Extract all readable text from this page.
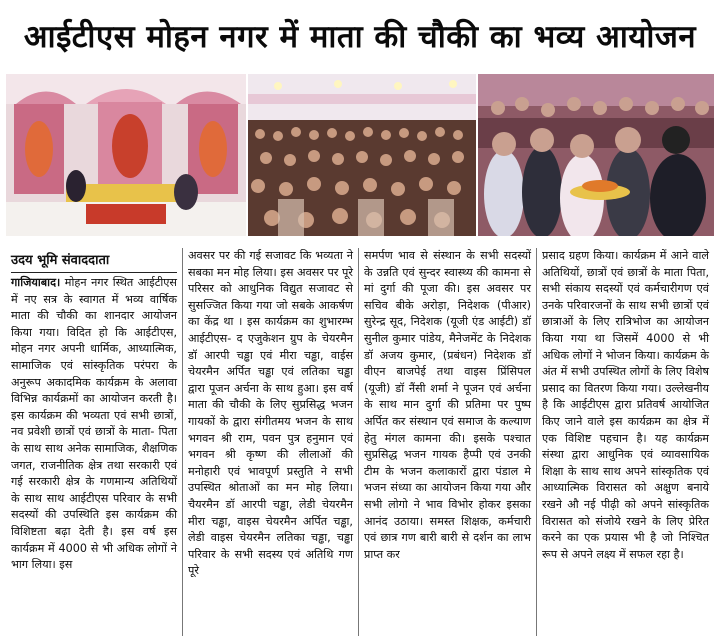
आईटीएस मोहन नगर में माता की चौकी का भव्य आयोजन
उदय भूमि संवाददाता

गाजियाबाद। मोहन नगर स्थित आईटीएस में नए सत्र के स्वागत में भव्य वार्षिक माता की चौकी का शानदार आयोजन किया गया। विदित हो कि आईटीएस, मोहन नगर अपनी धार्मिक, आध्यात्मिक, सामाजिक एवं सांस्कृतिक परंपरा के अनुरूप अकादमिक कार्यक्रम के अलावा विभिन्न कार्यक्रमों का आयोजन करती है। इस कार्यक्रम की भव्यता एवं सभी छात्रों, नव प्रवेशी छात्रों एवं छात्रों के माता- पिता के साथ साथ अनेक सामाजिक, शैक्षणिक जगत, राजनीतिक क्षेत्र तथा सरकारी एवं गई सरकारी क्षेत्र के गणमान्य अतिथियों के साथ साथ आईटीएस परिवार के सभी सदस्यों की उपस्थिति इस कार्यक्रम की विशिष्टता बढ़ा देती है। इस वर्ष इस कार्यक्रम में 4000 से भी अधिक लोगों ने भाग लिया। इस

अवसर पर की गई सजावट कि भव्यता ने सबका मन मोह लिया। इस अवसर पर पूरे परिसर को आधुनिक विद्युत सजावट से सुसज्जित किया गया जो सबके आकर्षण का केंद्र था । इस कार्यक्रम का शुभारम्भ आईटीएस- द एजुकेशन ग्रुप के चेयरमैन डॉ आरपी चड्ढा एवं मीरा चड्ढा, वाईस चेयरमैन अर्पित चड्ढा एवं लतिका चड्ढा द्वारा पूजन अर्चना के साथ हुआ। इस वर्ष माता की चौकी के लिए सुप्रसिद्ध भजन गायकों के द्वारा संगीतमय भजन के साथ भगवन श्री राम, पवन पुत्र हनुमान एवं भगवन श्री कृष्ण की लीलाओं की मनोहारी एवं भावपूर्ण प्रस्तुति ने सभी उपस्थित श्रोताओं का मन मोह लिया। चैयरमैन डॉ आरपी चड्ढा, लेडी चेयरमैन मीरा चड्ढा, वाइस चेयरमैन अर्पित चड्ढा, लेडी वाइस चेयरमैन लतिका चड्ढा, चड्ढा परिवार के सभी सदस्य एवं अतिथि गण पूरे

समर्पण भाव से संस्थान के सभी सदस्यों के उन्नति एवं सुन्दर स्वास्थ्य की कामना से मां दुर्गा की पूजा की। इस अवसर पर सचिव बीके अरोड़ा, निदेशक (पीआर) सुरेन्द्र सूद, निदेशक (यूजी एंड आईटी) डॉ सुनील कुमार पांडेय, मैनेजमेंट के निदेशक डॉ अजय कुमार, (प्रबंधन) निदेशक डॉ वीएन बाजपेई तथा वाइस प्रिंसिपल (यूजी) डॉ नैंसी शर्मा ने पूजन एवं अर्चना के साथ मान दुर्गा की प्रतिमा पर पुष्प अर्पित कर संस्थान एवं समाज के कल्याण हेतु मंगल कामना की। इसके पश्चात सुप्रसिद्ध भजन गायक हैप्पी एवं उनकी टीम के भजन कलाकारों द्वारा पंडाल मे भजन संध्या का आयोजन किया गया और सभी लोगो ने भाव विभोर होकर इसका आनंद उठाया। समस्त शिक्षक, कर्मचारी एवं छात्र गण बारी बारी से दर्शन का लाभ प्राप्त कर

प्रसाद ग्रहण किया। कार्यक्रम में आने वाले अतिथियों, छात्रों एवं छात्रों के माता पिता, सभी संकाय सदस्यों एवं कर्मचारीगण एवं उनके परिवारजनों के साथ सभी छात्रों एवं छात्राओं के लिए रात्रिभोज का आयोजन किया गया था जिसमें 4000 से भी अधिक लोगों ने भोजन किया। कार्यक्रम के अंत में सभी उपस्थित लोगों के लिए विशेष प्रसाद का वितरण किया गया। उल्लेखनीय है कि आईटीएस द्वारा प्रतिवर्ष आयोजित किए जाने वाले इस कार्यक्रम का क्षेत्र में एक विशिष्ट पहचान है। यह कार्यक्रम संस्था द्वारा आधुनिक एवं व्यावसायिक शिक्षा के साथ साथ अपने सांस्कृतिक एवं आध्यात्मिक विरासत को अक्षुण बनाये रखने औ नई पीढ़ी को अपने सांस्कृतिक विरासत को संजोये रखने के लिए प्रेरित करने का एक प्रयास भी है जो निश्चित रूप से अपने लक्ष्य में सफल रहा है।
